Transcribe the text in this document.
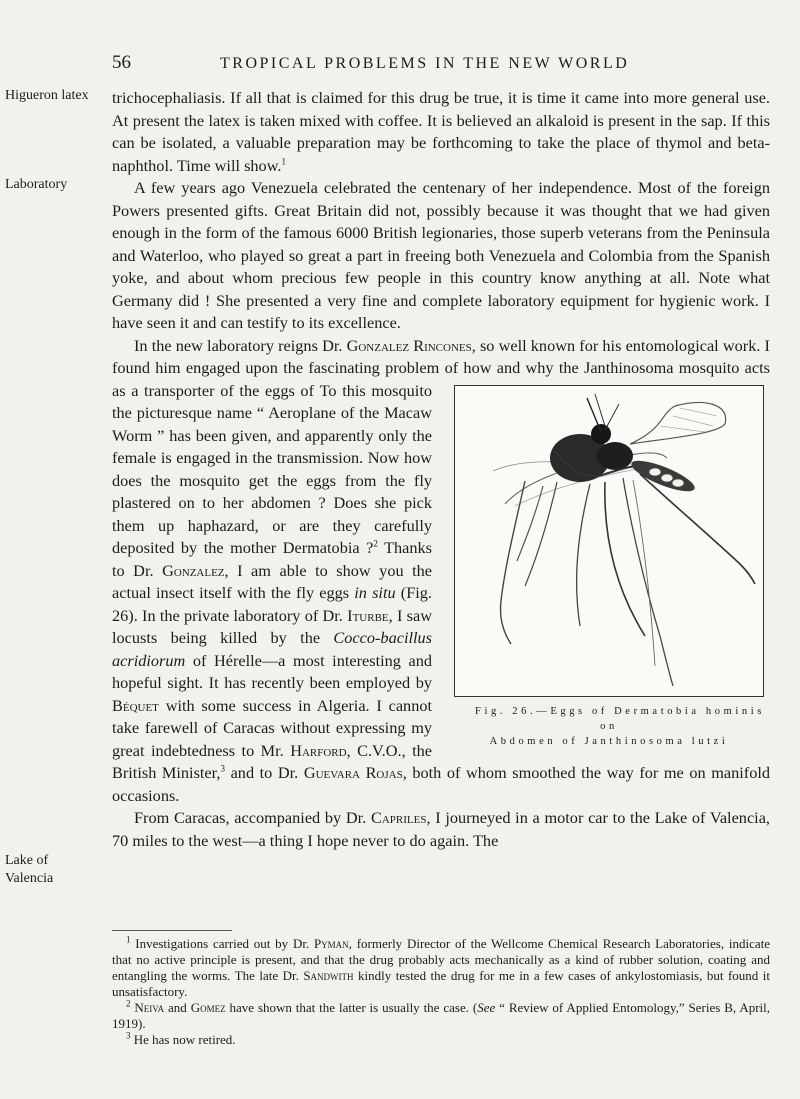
56	TROPICAL PROBLEMS IN THE NEW WORLD
Higueron latex
Laboratory
Lake of Valencia

trichocephaliasis. If all that is claimed for this drug be true, it is time it came into more general use. At present the latex is taken mixed with coffee. It is believed an alkaloid is present in the sap. If this can be isolated, a valuable preparation may be forthcoming to take the place of thymol and beta-naphthol. Time will show.$^1$

A few years ago Venezuela celebrated the centenary of her independence. Most of the foreign Powers presented gifts. Great Britain did not, possibly because it was thought that we had given enough in the form of the famous 6000 British legionaries, those superb veterans from the Peninsula and Waterloo, who played so great a part in freeing both Venezuela and Colombia from the Spanish yoke, and about whom precious few people in this country know anything at all. Note what Germany did ! She presented a very fine and complete laboratory equipment for hygienic work. I have seen it and can testify to its excellence.

In the new laboratory reigns Dr. Gonzalez Rincones, so well known for his entomological work. I found him engaged upon the fascinating problem of how and why the Janthinosoma mosquito acts as a transporter of the eggs of
Fig. 26.—Eggs of Dermatobia hominis on
Abdomen of Janthinosoma lutzi
To this mosquito the picturesque name “ Aeroplane of the Macaw Worm ” has been given, and apparently only the female is engaged in the transmission. Now how does the mosquito get the eggs from the fly plastered on to her abdomen ? Does she pick them up haphazard, or are they carefully deposited by the mother Dermatobia ?$^2$ Thanks to Dr. Gonzalez, I am able to show you the actual insect itself with the fly eggs in situ (Fig. 26). In the private laboratory of Dr. Iturbe, I saw locusts being killed by the Cocco-bacillus acridiorum of Hérelle—a most interesting and hopeful sight. It has recently been employed by Béquet with some success in Algeria. I cannot take farewell of Caracas without expressing my great indebtedness to Mr. Harford, C.V.O., the British Minister,$^3$ and to Dr. Guevara Rojas, both of whom smoothed the way for me on manifold occasions.

From Caracas, accompanied by Dr. Capriles, I journeyed in a motor car to the Lake of Valencia, 70 miles to the west—a thing I hope never to do again. The

$^1$ Investigations carried out by Dr. Pyman, formerly Director of the Wellcome Chemical Research Laboratories, indicate that no active principle is present, and that the drug probably acts mechanically as a kind of rubber solution, coating and entangling the worms. The late Dr. Sandwith kindly tested the drug for me in a few cases of ankylostomiasis, but found it unsatisfactory.

$^2$ Neiva and Gomez have shown that the latter is usually the case. (See “ Review of Applied Entomology,” Series B, April, 1919).

$^3$ He has now retired.
